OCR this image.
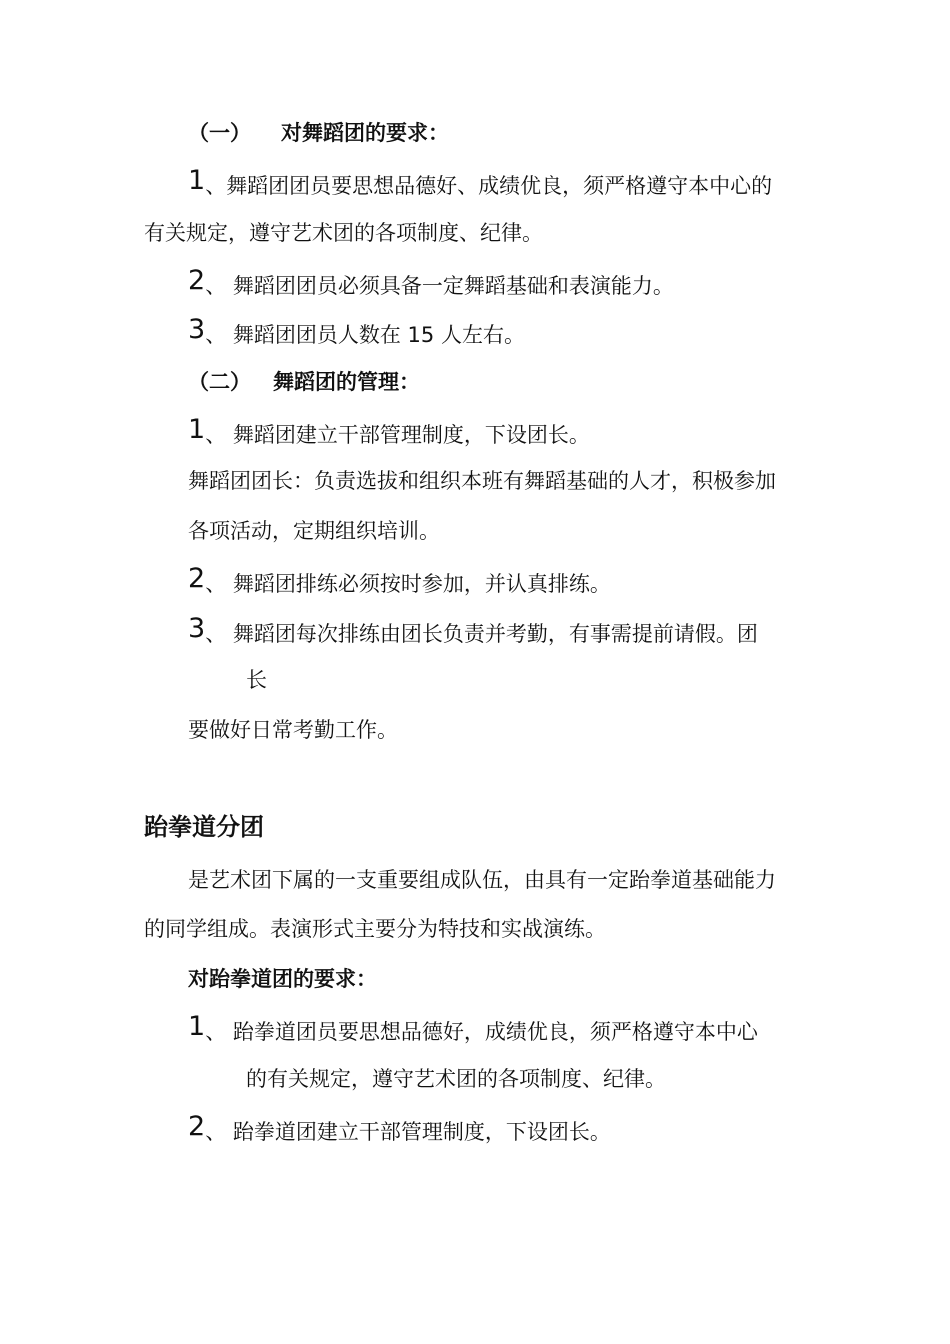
（一） 对舞蹈团的要求：
1、舞蹈团团员要思想品德好、成绩优良，须严格遵守本中心的
有关规定，遵守艺术团的各项制度、纪律。
2、 舞蹈团团员必须具备一定舞蹈基础和表演能力。
3、 舞蹈团团员人数在 15 人左右。
（二） 舞蹈团的管理：
1、 舞蹈团建立干部管理制度，下设团长。
舞蹈团团长：负责选拔和组织本班有舞蹈基础的人才，积极参加
各项活动，定期组织培训。
2、 舞蹈团排练必须按时参加，并认真排练。
3、 舞蹈团每次排练由团长负责并考勤，有事需提前请假。团
长
要做好日常考勤工作。
跆拳道分团
是艺术团下属的一支重要组成队伍，由具有一定跆拳道基础能力
的同学组成。表演形式主要分为特技和实战演练。
对跆拳道团的要求：
1、 跆拳道团员要思想品德好，成绩优良，须严格遵守本中心
的有关规定，遵守艺术团的各项制度、纪律。
2、 跆拳道团建立干部管理制度，下设团长。
